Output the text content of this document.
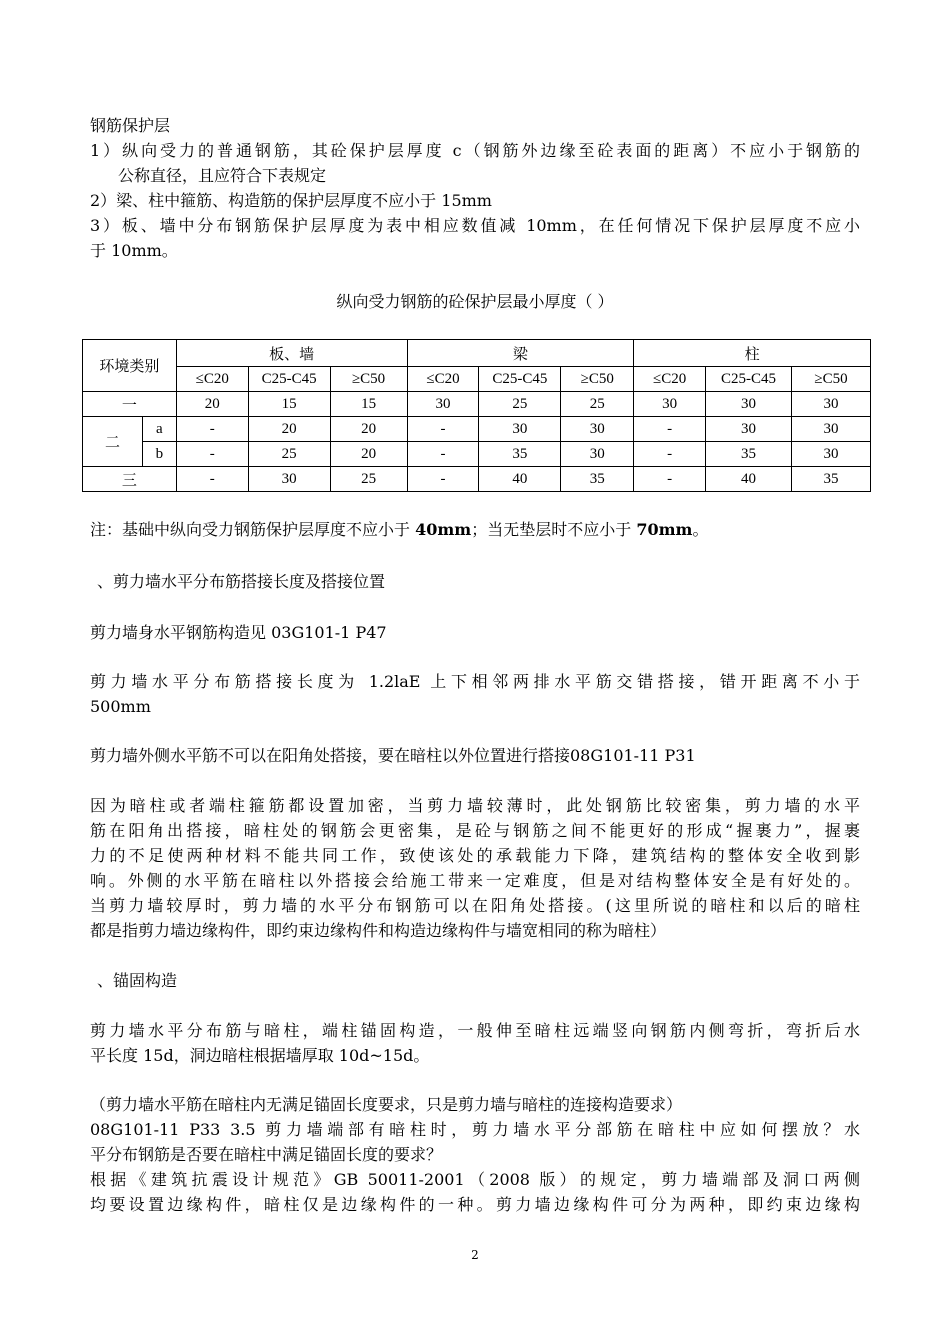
钢筋保护层
1）纵向受力的普通钢筋，其砼保护层厚度 c（钢筋外边缘至砼表面的距离）不应小于钢筋的
公称直径，且应符合下表规定
2）梁、柱中箍筋、构造筋的保护层厚度不应小于 15mm
3）板、墙中分布钢筋保护层厚度为表中相应数值减 10mm，在任何情况下保护层厚度不应小
于 10mm。
纵向受力钢筋的砼保护层最小厚度（ ）
环境类别		板、墙			梁			柱		
		≤C20	C25-C45	≥C50	≤C20	C25-C45	≥C50	≤C20	C25-C45	≥C50
一		20	15	15	30	25	25	30	30	30
二	a	-	20	20	-	30	30	-	30	30
	b	-	25	20	-	35	30	-	35	30
三		-	30	25	-	40	35	-	40	35
注：基础中纵向受力钢筋保护层厚度不应小于 40mm；当无垫层时不应小于 70mm。
、剪力墙水平分布筋搭接长度及搭接位置
剪力墙身水平钢筋构造见 03G101-1 P47
剪力墙水平分布筋搭接长度为 1.2laE 上下相邻两排水平筋交错搭接，错开距离不小于
500mm
剪力墙外侧水平筋不可以在阳角处搭接，要在暗柱以外位置进行搭接08G101-11 P31
因为暗柱或者端柱箍筋都设置加密，当剪力墙较薄时，此处钢筋比较密集，剪力墙的水平
筋在阳角出搭接，暗柱处的钢筋会更密集，是砼与钢筋之间不能更好的形成“握裹力”，握裹
力的不足使两种材料不能共同工作，致使该处的承载能力下降，建筑结构的整体安全收到影
响。外侧的水平筋在暗柱以外搭接会给施工带来一定难度，但是对结构整体安全是有好处的。
当剪力墙较厚时，剪力墙的水平分布钢筋可以在阳角处搭接。(这里所说的暗柱和以后的暗柱
都是指剪力墙边缘构件，即约束边缘构件和构造边缘构件与墙宽相同的称为暗柱）
、锚固构造
剪力墙水平分布筋与暗柱，端柱锚固构造，一般伸至暗柱远端竖向钢筋内侧弯折，弯折后水
平长度 15d，洞边暗柱根据墙厚取 10d~15d。
（剪力墙水平筋在暗柱内无满足锚固长度要求，只是剪力墙与暗柱的连接构造要求）
08G101-11 P33 3.5 剪力墙端部有暗柱时，剪力墙水平分部筋在暗柱中应如何摆放？水
平分布钢筋是否要在暗柱中满足锚固长度的要求？
根据《建筑抗震设计规范》GB 50011-2001（2008 版）的规定，剪力墙端部及洞口两侧
均要设置边缘构件，暗柱仅是边缘构件的一种。剪力墙边缘构件可分为两种，即约束边缘构
2
